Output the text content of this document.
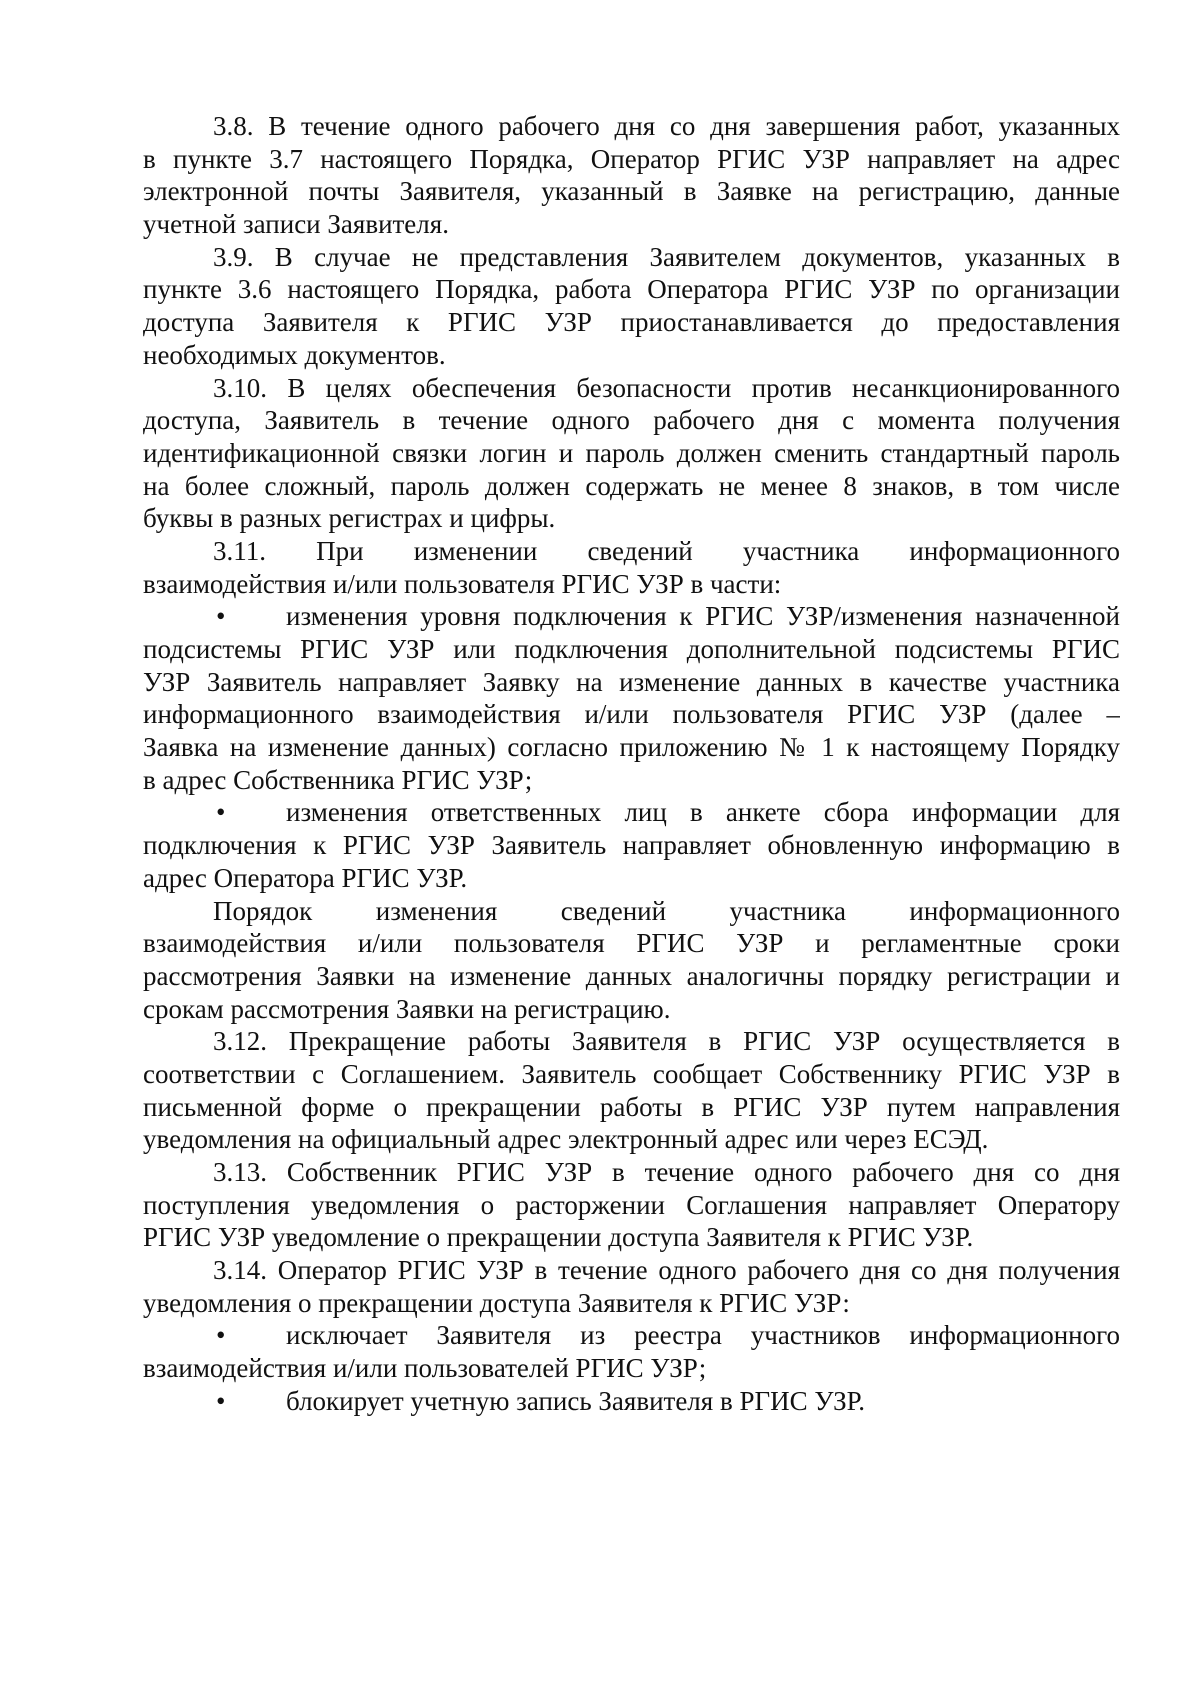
3.8. В течение одного рабочего дня со дня завершения работ, указанных
в пункте 3.7 настоящего Порядка, Оператор РГИС УЗР направляет на адрес
электронной почты Заявителя, указанный в Заявке на регистрацию, данные
учетной записи Заявителя.
3.9. В случае не представления Заявителем документов, указанных в
пункте 3.6 настоящего Порядка, работа Оператора РГИС УЗР по организации
доступа Заявителя к РГИС УЗР приостанавливается до предоставления
необходимых документов.
3.10. В целях обеспечения безопасности против несанкционированного
доступа, Заявитель в течение одного рабочего дня с момента получения
идентификационной связки логин и пароль должен сменить стандартный пароль
на более сложный, пароль должен содержать не менее 8 знаков, в том числе
буквы в разных регистрах и цифры.
3.11. При изменении сведений участника информационного
взаимодействия и/или пользователя РГИС УЗР в части:
• изменения уровня подключения к РГИС УЗР/изменения назначенной
подсистемы РГИС УЗР или подключения дополнительной подсистемы РГИС
УЗР Заявитель направляет Заявку на изменение данных в качестве участника
информационного взаимодействия и/или пользователя РГИС УЗР (далее –
Заявка на изменение данных) согласно приложению № 1 к настоящему Порядку
в адрес Собственника РГИС УЗР;
• изменения ответственных лиц в анкете сбора информации для
подключения к РГИС УЗР Заявитель направляет обновленную информацию в
адрес Оператора РГИС УЗР.
Порядок изменения сведений участника информационного
взаимодействия и/или пользователя РГИС УЗР и регламентные сроки
рассмотрения Заявки на изменение данных аналогичны порядку регистрации и
срокам рассмотрения Заявки на регистрацию.
3.12. Прекращение работы Заявителя в РГИС УЗР осуществляется в
соответствии с Соглашением. Заявитель сообщает Собственнику РГИС УЗР в
письменной форме о прекращении работы в РГИС УЗР путем направления
уведомления на официальный адрес электронный адрес или через ЕСЭД.
3.13. Собственник РГИС УЗР в течение одного рабочего дня со дня
поступления уведомления о расторжении Соглашения направляет Оператору
РГИС УЗР уведомление о прекращении доступа Заявителя к РГИС УЗР.
3.14. Оператор РГИС УЗР в течение одного рабочего дня со дня получения
уведомления о прекращении доступа Заявителя к РГИС УЗР:
• исключает Заявителя из реестра участников информационного
взаимодействия и/или пользователей РГИС УЗР;
• блокирует учетную запись Заявителя в РГИС УЗР.
